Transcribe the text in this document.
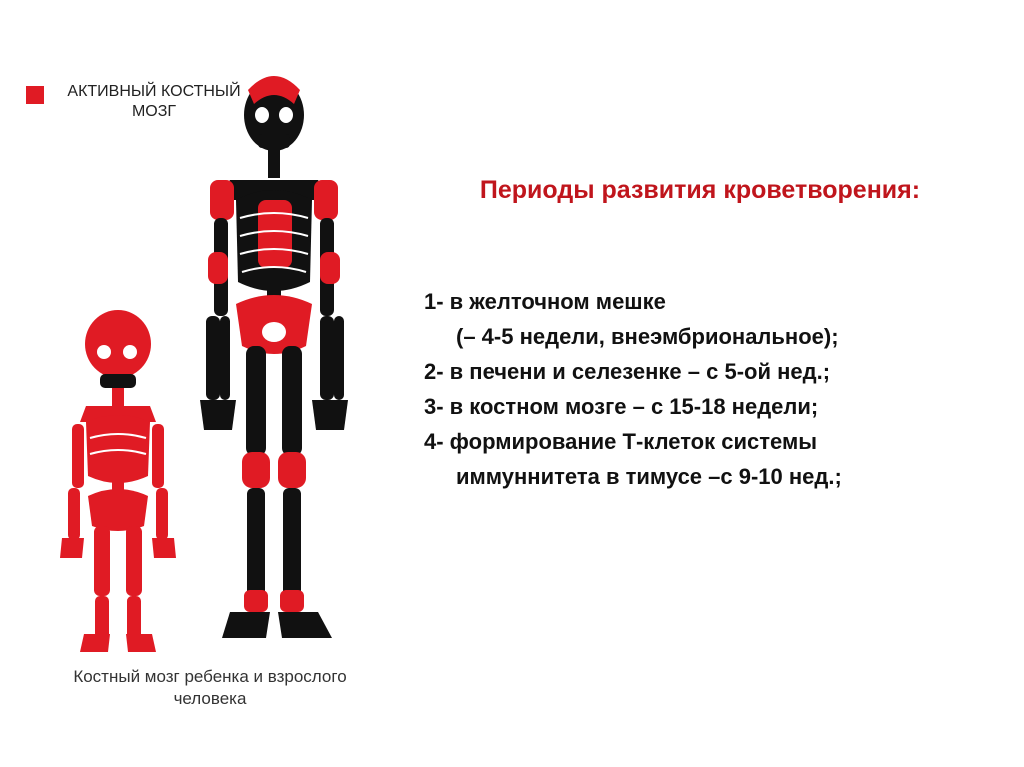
АКТИВНЫЙ КОСТНЫЙ МОЗГ
Костный мозг ребенка и взрослого человека
Периоды развития кроветворения:
1- в желточном мешке
(– 4-5 недели, внеэмбриональное);
2- в печени и селезенке – с 5-ой нед.;
3- в костном мозге – с 15-18 недели;
4- формирование Т-клеток системы
иммуннитета в тимусе –с 9-10 нед.;
